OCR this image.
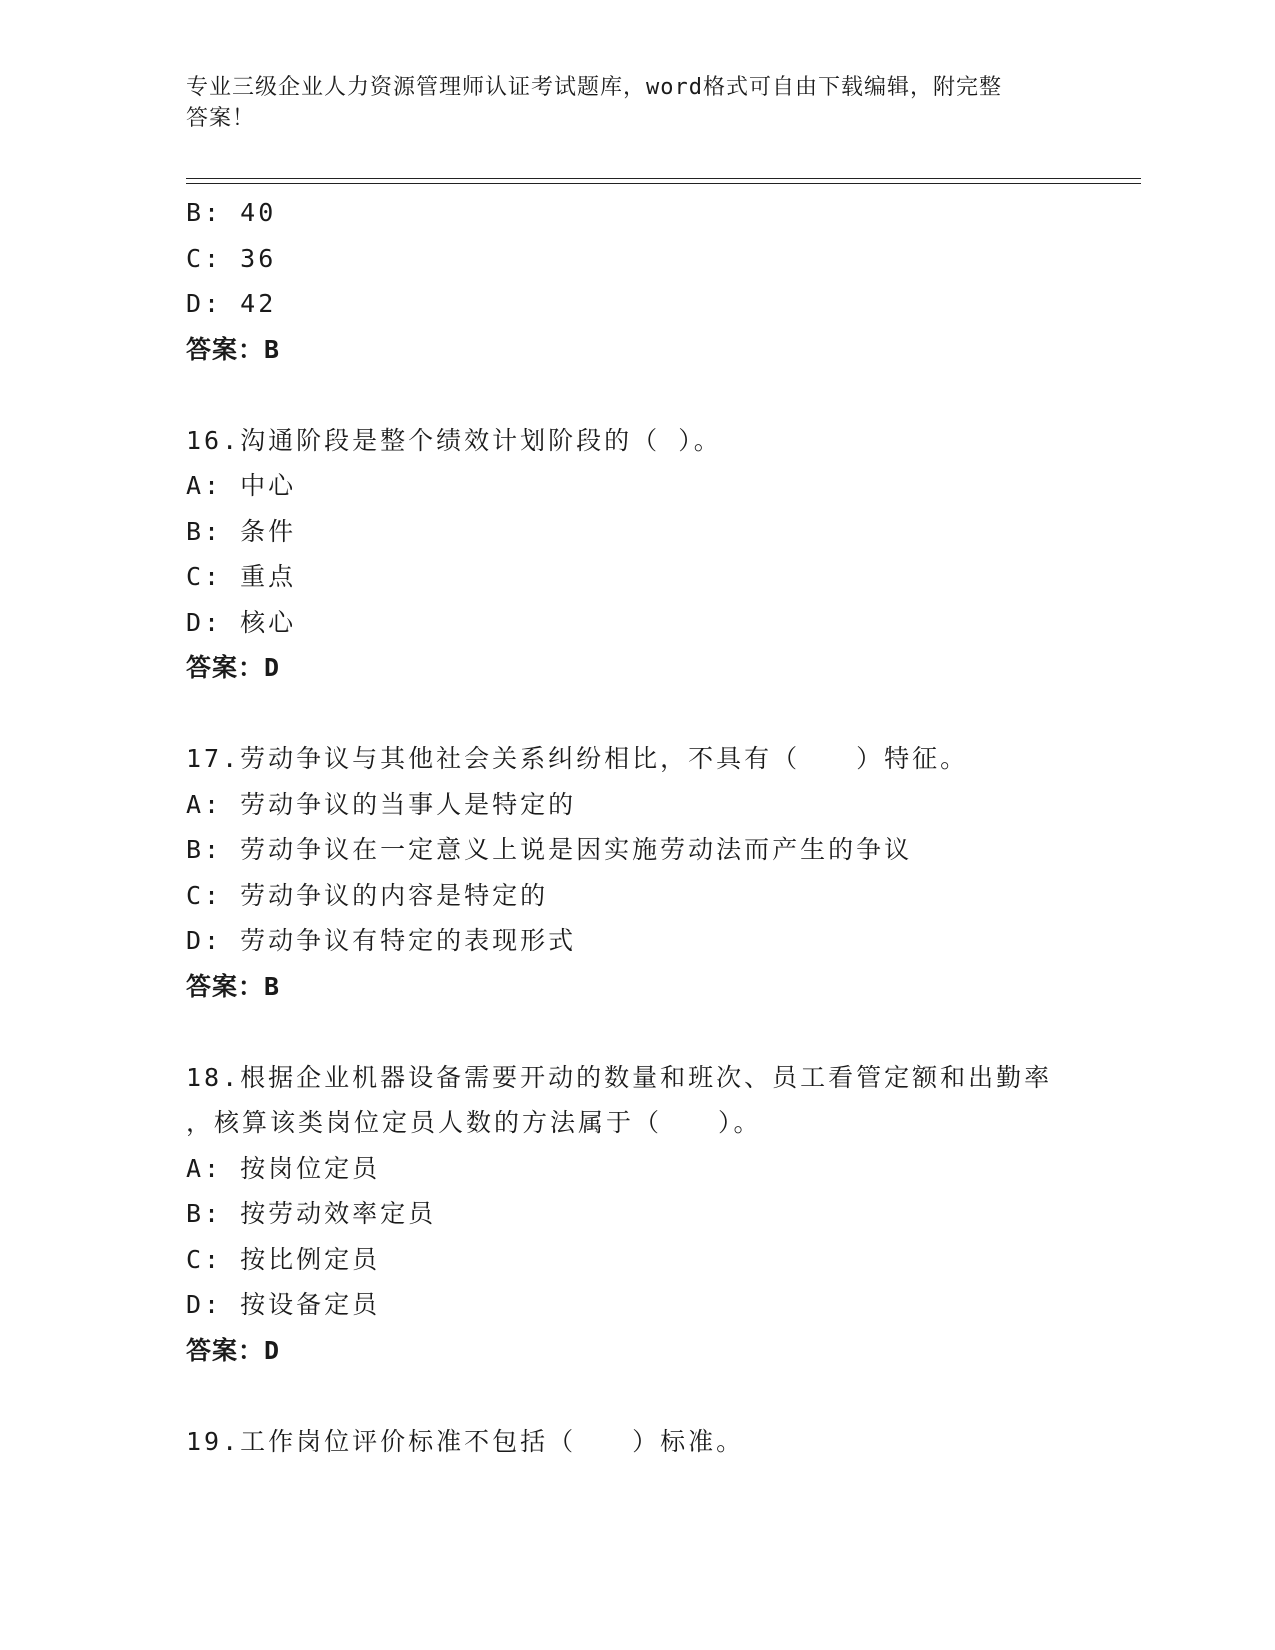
专业三级企业人力资源管理师认证考试题库，word格式可自由下载编辑，附完整
答案！
B: 40
C: 36
D: 42
答案：B
16.沟通阶段是整个绩效计划阶段的（ ）。
A: 中心
B: 条件
C: 重点
D: 核心
答案：D
17.劳动争议与其他社会关系纠纷相比，不具有（　　）特征。
A: 劳动争议的当事人是特定的
B: 劳动争议在一定意义上说是因实施劳动法而产生的争议
C: 劳动争议的内容是特定的
D: 劳动争议有特定的表现形式
答案：B
18.根据企业机器设备需要开动的数量和班次、员工看管定额和出勤率
，核算该类岗位定员人数的方法属于（　　）。
A: 按岗位定员
B: 按劳动效率定员
C: 按比例定员
D: 按设备定员
答案：D
19.工作岗位评价标准不包括（　　）标准。
